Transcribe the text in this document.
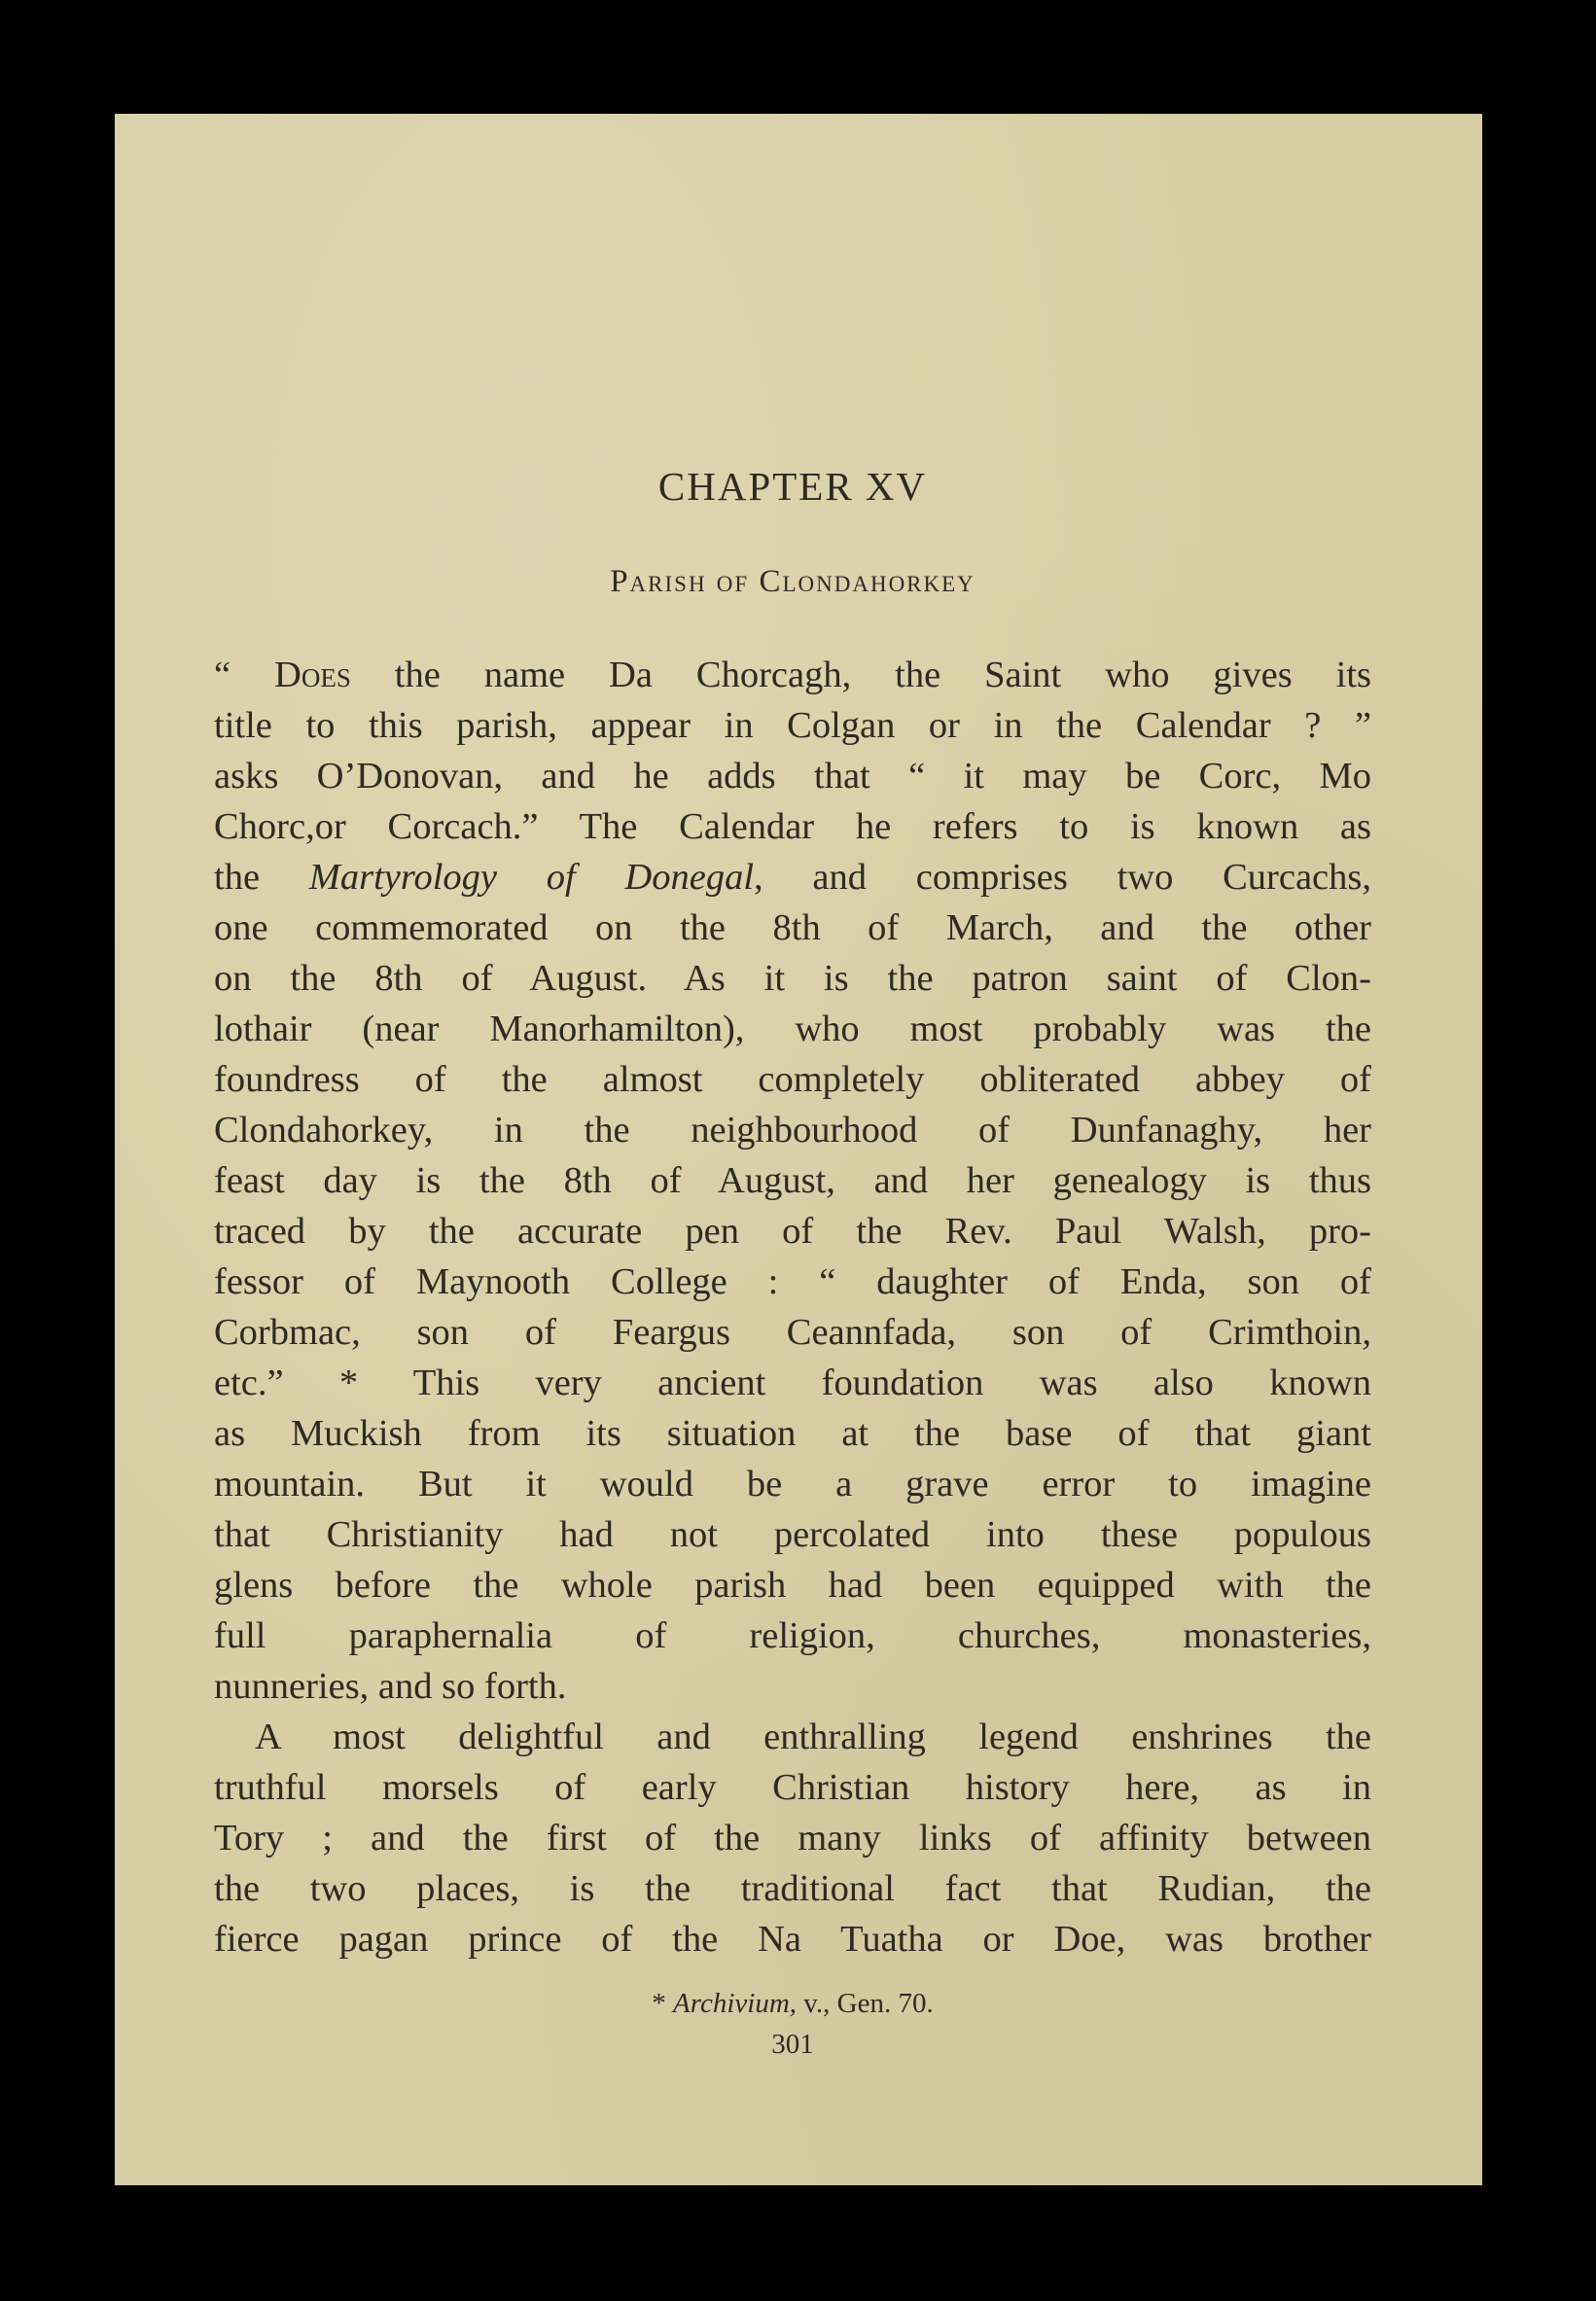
CHAPTER XV
Parish of Clondahorkey
“ Does the name Da Chorcagh, the Saint who gives its
title to this parish, appear in Colgan or in the Calendar ? ”
asks O’Donovan, and he adds that “ it may be Corc, Mo
Chorc,or Corcach.” The Calendar he refers to is known as
the Martyrology of Donegal, and comprises two Curcachs,
one commemorated on the 8th of March, and the other
on the 8th of August. As it is the patron saint of Clon-
lothair (near Manorhamilton), who most probably was the
foundress of the almost completely obliterated abbey of
Clondahorkey, in the neighbourhood of Dunfanaghy, her
feast day is the 8th of August, and her genealogy is thus
traced by the accurate pen of the Rev. Paul Walsh, pro-
fessor of Maynooth College : “ daughter of Enda, son of
Corbmac, son of Feargus Ceannfada, son of Crimthoin,
etc.” * This very ancient foundation was also known
as Muckish from its situation at the base of that giant
mountain. But it would be a grave error to imagine
that Christianity had not percolated into these populous
glens before the whole parish had been equipped with the
full paraphernalia of religion, churches, monasteries,
nunneries, and so forth.
A most delightful and enthralling legend enshrines the
truthful morsels of early Christian history here, as in
Tory ; and the first of the many links of affinity between
the two places, is the traditional fact that Rudian, the
fierce pagan prince of the Na Tuatha or Doe, was brother
* Archivium, v., Gen. 70.
301
